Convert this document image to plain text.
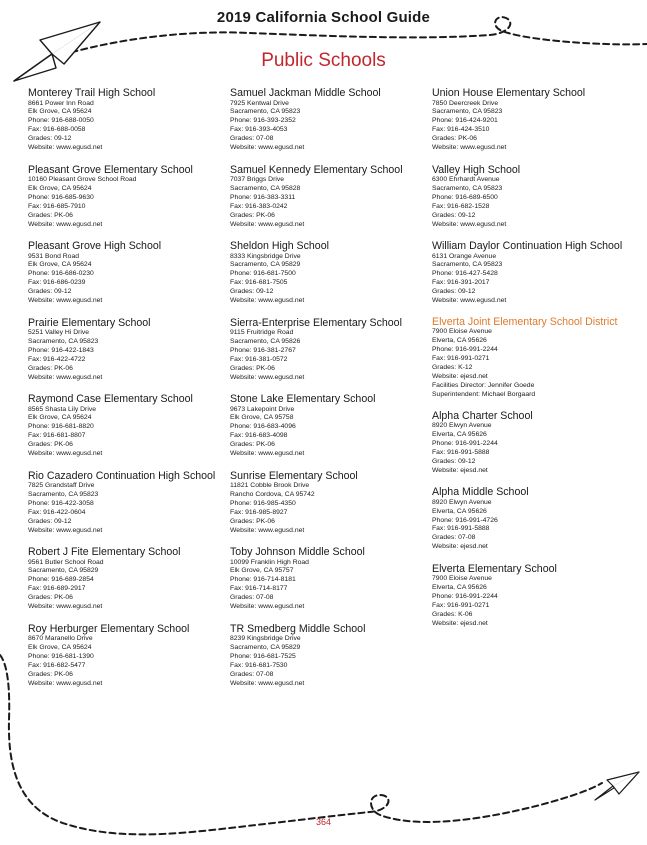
2019 California School Guide
Public Schools

Monterey Trail High School

8661 Power Inn Road

Elk Grove, CA 95624

Phone: 916-688-0050

Fax: 916-688-0058

Grades: 09-12

Website: www.egusd.net

Pleasant Grove Elementary School

10160 Pleasant Grove School Road

Elk Grove, CA 95624

Phone: 916-685-9630

Fax: 916-685-7910

Grades: PK-06

Website: www.egusd.net

Pleasant Grove High School

9531 Bond Road

Elk Grove, CA 95624

Phone: 916-686-0230

Fax: 916-686-0239

Grades: 09-12

Website: www.egusd.net

Prairie Elementary School

5251 Valley Hi Drive

Sacramento, CA 95823

Phone: 916-422-1843

Fax: 916-422-4722

Grades: PK-06

Website: www.egusd.net

Raymond Case Elementary School

8565 Shasta Lily Drive

Elk Grove, CA 95624

Phone: 916-681-8820

Fax: 916-681-8807

Grades: PK-06

Website: www.egusd.net

Rio Cazadero Continuation High School

7825 Grandstaff Drive

Sacramento, CA 95823

Phone: 916-422-3058

Fax: 916-422-0604

Grades: 09-12

Website: www.egusd.net

Robert J Fite Elementary School

9561 Butler School Road

Sacramento, CA 95829

Phone: 916-689-2854

Fax: 916-689-2917

Grades: PK-06

Website: www.egusd.net

Roy Herburger Elementary School

8670 Maranello Drive

Elk Grove, CA 95624

Phone: 916-681-1390

Fax: 916-682-5477

Grades: PK-06

Website: www.egusd.net

Samuel Jackman Middle School

7925 Kentwal Drive

Sacramento, CA 95823

Phone: 916-393-2352

Fax: 916-393-4053

Grades: 07-08

Website: www.egusd.net

Samuel Kennedy Elementary School

7037 Briggs Drive

Sacramento, CA 95828

Phone: 916-383-3311

Fax: 916-383-0242

Grades: PK-06

Website: www.egusd.net

Sheldon High School

8333 Kingsbridge Drive

Sacramento, CA 95829

Phone: 916-681-7500

Fax: 916-681-7505

Grades: 09-12

Website: www.egusd.net

Sierra-Enterprise Elementary School

9115 Fruitridge Road

Sacramento, CA 95826

Phone: 916-381-2767

Fax: 916-381-0572

Grades: PK-06

Website: www.egusd.net

Stone Lake Elementary School

9673 Lakepoint Drive

Elk Grove, CA 95758

Phone: 916-683-4096

Fax: 916-683-4098

Grades: PK-06

Website: www.egusd.net

Sunrise Elementary School

11821 Cobble Brook Drive

Rancho Cordova, CA 95742

Phone: 916-985-4350

Fax: 916-985-8927

Grades: PK-06

Website: www.egusd.net

Toby Johnson Middle School

10099 Franklin High Road

Elk Grove, CA 95757

Phone: 916-714-8181

Fax: 916-714-8177

Grades: 07-08

Website: www.egusd.net

TR Smedberg Middle School

8239 Kingsbridge Drive

Sacramento, CA 95829

Phone: 916-681-7525

Fax: 916-681-7530

Grades: 07-08

Website: www.egusd.net

Union House Elementary School

7850 Deercreek Drive

Sacramento, CA 95823

Phone: 916-424-9201

Fax: 916-424-3510

Grades: PK-06

Website: www.egusd.net

Valley High School

6300 Ehrhardt Avenue

Sacramento, CA 95823

Phone: 916-689-6500

Fax: 916-682-1528

Grades: 09-12

Website: www.egusd.net

William Daylor Continuation High School

6131 Orange Avenue

Sacramento, CA 95823

Phone: 916-427-5428

Fax: 916-391-2017

Grades: 09-12

Website: www.egusd.net

Elverta Joint Elementary School District

7900 Eloise Avenue

Elverta, CA 95626

Phone: 916-991-2244

Fax: 916-991-0271

Grades: K-12

Website: ejesd.net

Facilities Director: Jennifer Goede

Superintendent: Michael Borgaard

Alpha Charter School

8920 Elwyn Avenue

Elverta, CA 95626

Phone: 916-991-2244

Fax: 916-991-5888

Grades: 09-12

Website: ejesd.net

Alpha Middle School

8920 Elwyn Avenue

Elverta, CA 95626

Phone: 916-991-4726

Fax: 916-991-5888

Grades: 07-08

Website: ejesd.net

Elverta Elementary School

7900 Eloise Avenue

Elverta, CA 95626

Phone: 916-991-2244

Fax: 916-991-0271

Grades: K-06

Website: ejesd.net

364
